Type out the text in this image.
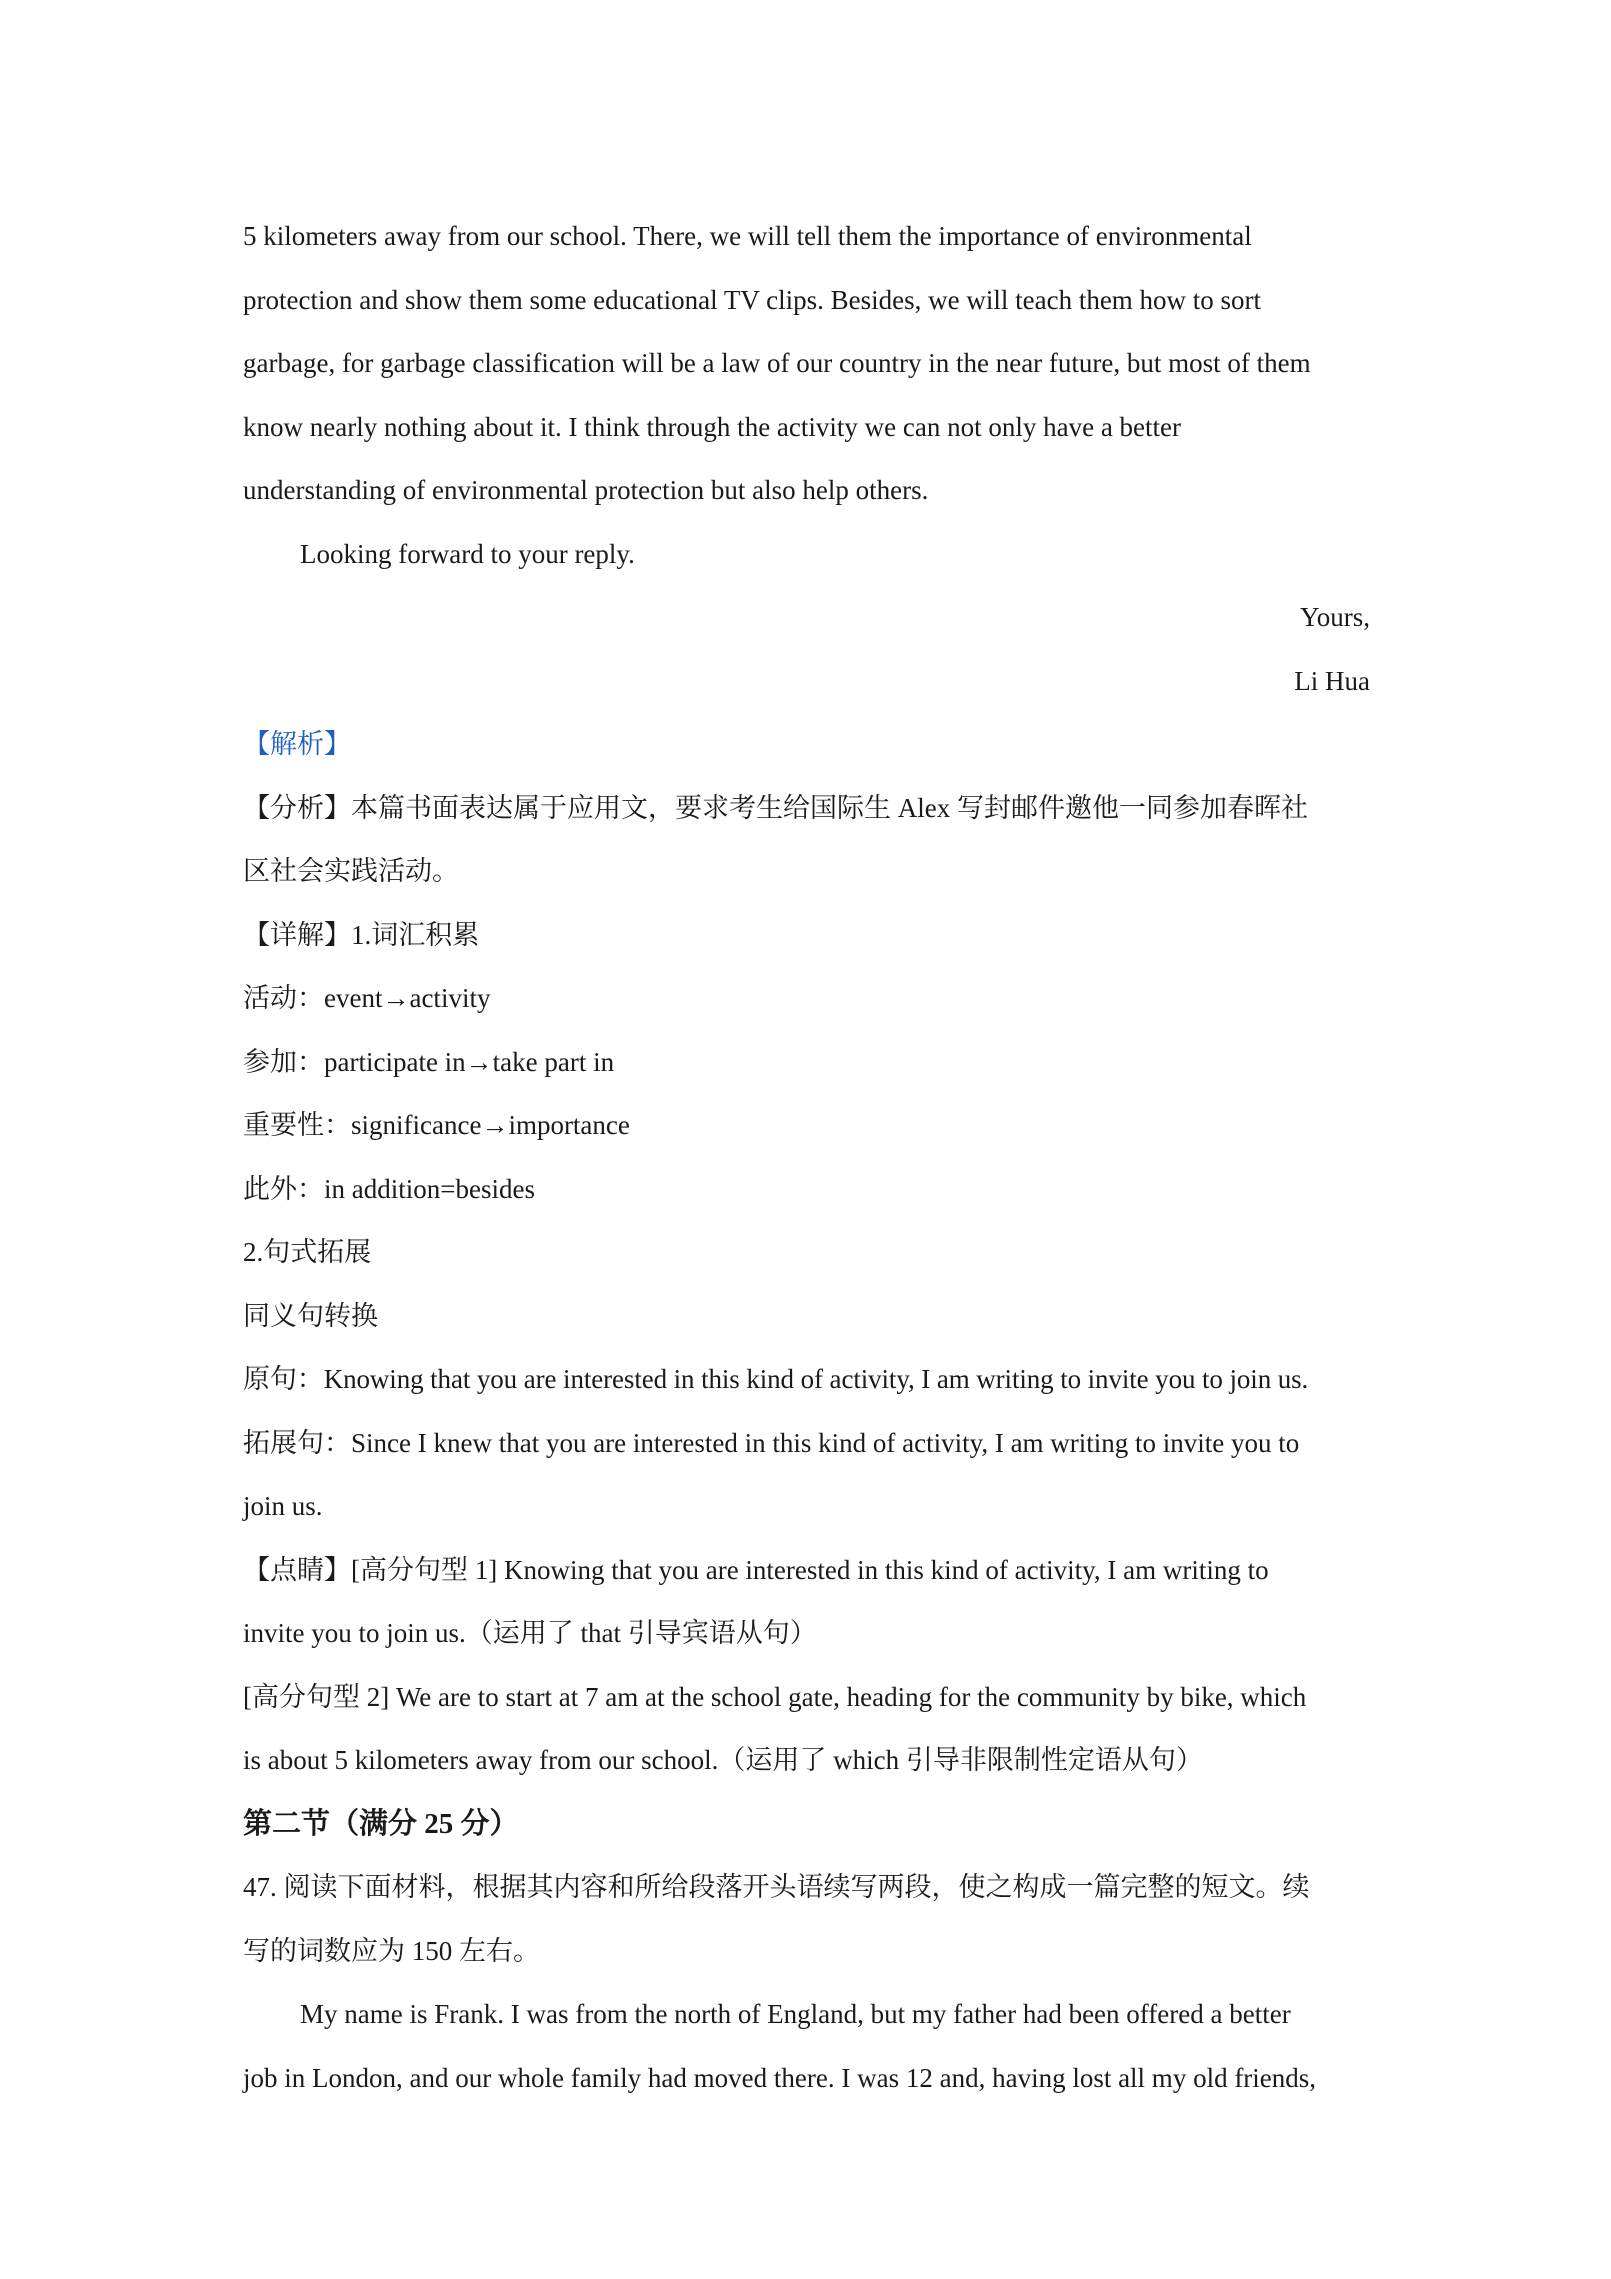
5 kilometers away from our school. There, we will tell them the importance of environmental
protection and show them some educational TV clips. Besides, we will teach them how to sort
garbage, for garbage classification will be a law of our country in the near future, but most of them
know nearly nothing about it. I think through the activity we can not only have a better
understanding of environmental protection but also help others.
Looking forward to your reply.
Yours,
Li Hua
【解析】
【分析】本篇书面表达属于应用文，要求考生给国际生 Alex 写封邮件邀他一同参加春晖社
区社会实践活动。
【详解】1.词汇积累
活动：event→activity
参加：participate in→take part in
重要性：significance→importance
此外：in addition=besides
2.句式拓展
同义句转换
原句：Knowing that you are interested in this kind of activity, I am writing to invite you to join us.
拓展句：Since I knew that you are interested in this kind of activity, I am writing to invite you to
join us.
【点睛】[高分句型 1] Knowing that you are interested in this kind of activity, I am writing to
invite you to join us.（运用了 that 引导宾语从句）
[高分句型 2] We are to start at 7 am at the school gate, heading for the community by bike, which
is about 5 kilometers away from our school.（运用了 which 引导非限制性定语从句）
第二节（满分 25 分）
47. 阅读下面材料，根据其内容和所给段落开头语续写两段，使之构成一篇完整的短文。续
写的词数应为 150 左右。
My name is Frank. I was from the north of England, but my father had been offered a better
job in London, and our whole family had moved there. I was 12 and, having lost all my old friends,
